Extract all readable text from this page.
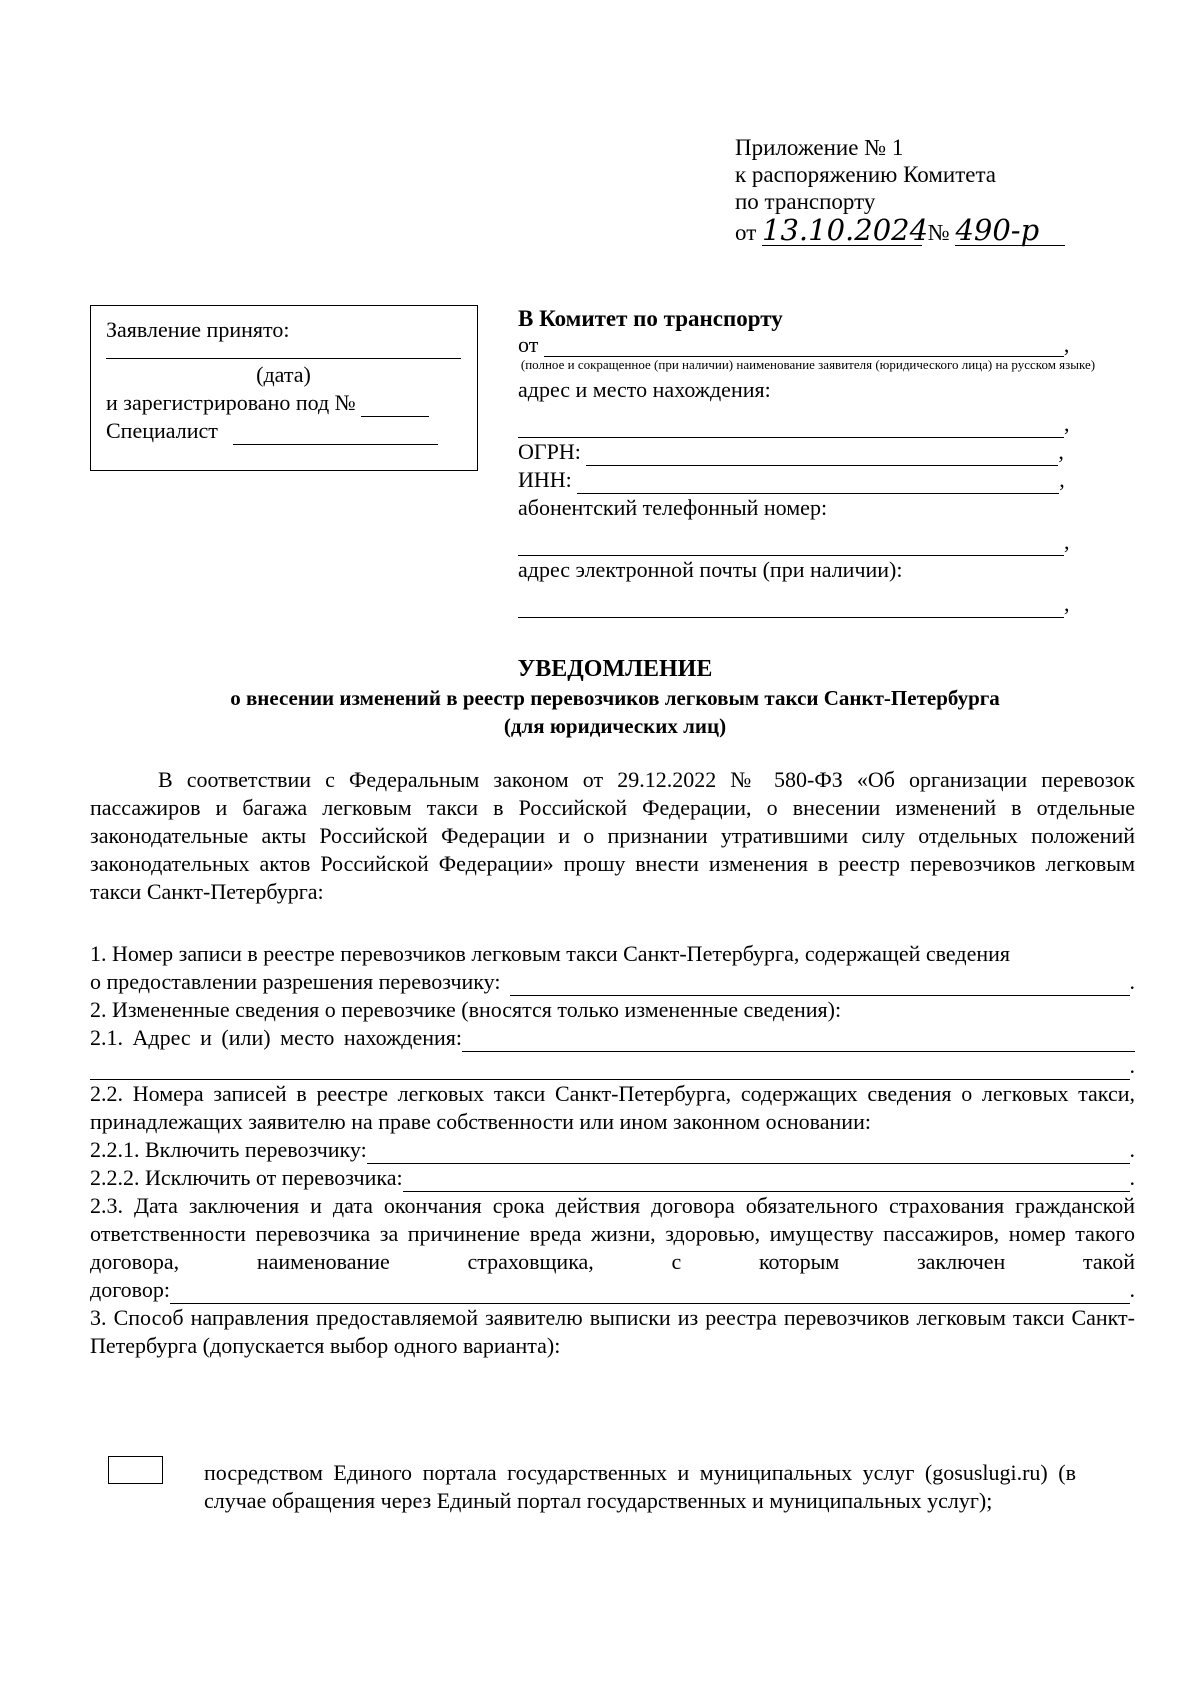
Приложение № 1
к распоряжению Комитета
по транспорту
от 13.10.2024 № 490-р
Заявление принято:
(дата)
и зарегистрировано под №
Специалист
В Комитет по транспорту
от	,
(полное и сокращенное (при наличии) наименование заявителя (юридического лица) на русском языке)
адрес и место нахождения:
,
ОГРН:	,
ИНН:	,
абонентский телефонный номер:
,
адрес электронной почты (при наличии):
,
УВЕДОМЛЕНИЕ
о внесении изменений в реестр перевозчиков легковым такси Санкт-Петербурга
(для юридических лиц)
В соответствии с Федеральным законом от 29.12.2022 № 580-ФЗ «Об организации перевозок пассажиров и багажа легковым такси в Российской Федерации, о внесении изменений в отдельные законодательные акты Российской Федерации и о признании утратившими силу отдельных положений законодательных актов Российской Федерации» прошу внести изменения в реестр перевозчиков легковым такси Санкт-Петербурга:
1. Номер записи в реестре перевозчиков легковым такси Санкт-Петербурга, содержащей сведения
о предоставлении разрешения перевозчику:	.
2. Измененные сведения о перевозчике (вносятся только измененные сведения):
2.1. Адрес и (или) место нахождения:
.
2.2. Номера записей в реестре легковых такси Санкт-Петербурга, содержащих сведения о легковых такси, принадлежащих заявителю на праве собственности или ином законном основании:
2.2.1. Включить перевозчику:	.
2.2.2. Исключить от перевозчика:	.
2.3. Дата заключения и дата окончания срока действия договора обязательного страхования гражданской ответственности перевозчика за причинение вреда жизни, здоровью, имуществу пассажиров, номер такого договора, наименование страховщика, с которым заключен такой
договор:	.
3. Способ направления предоставляемой заявителю выписки из реестра перевозчиков легковым такси Санкт-Петербурга (допускается выбор одного варианта):
посредством Единого портала государственных и муниципальных услуг (gosuslugi.ru) (в случае обращения через Единый портал государственных и муниципальных услуг);
